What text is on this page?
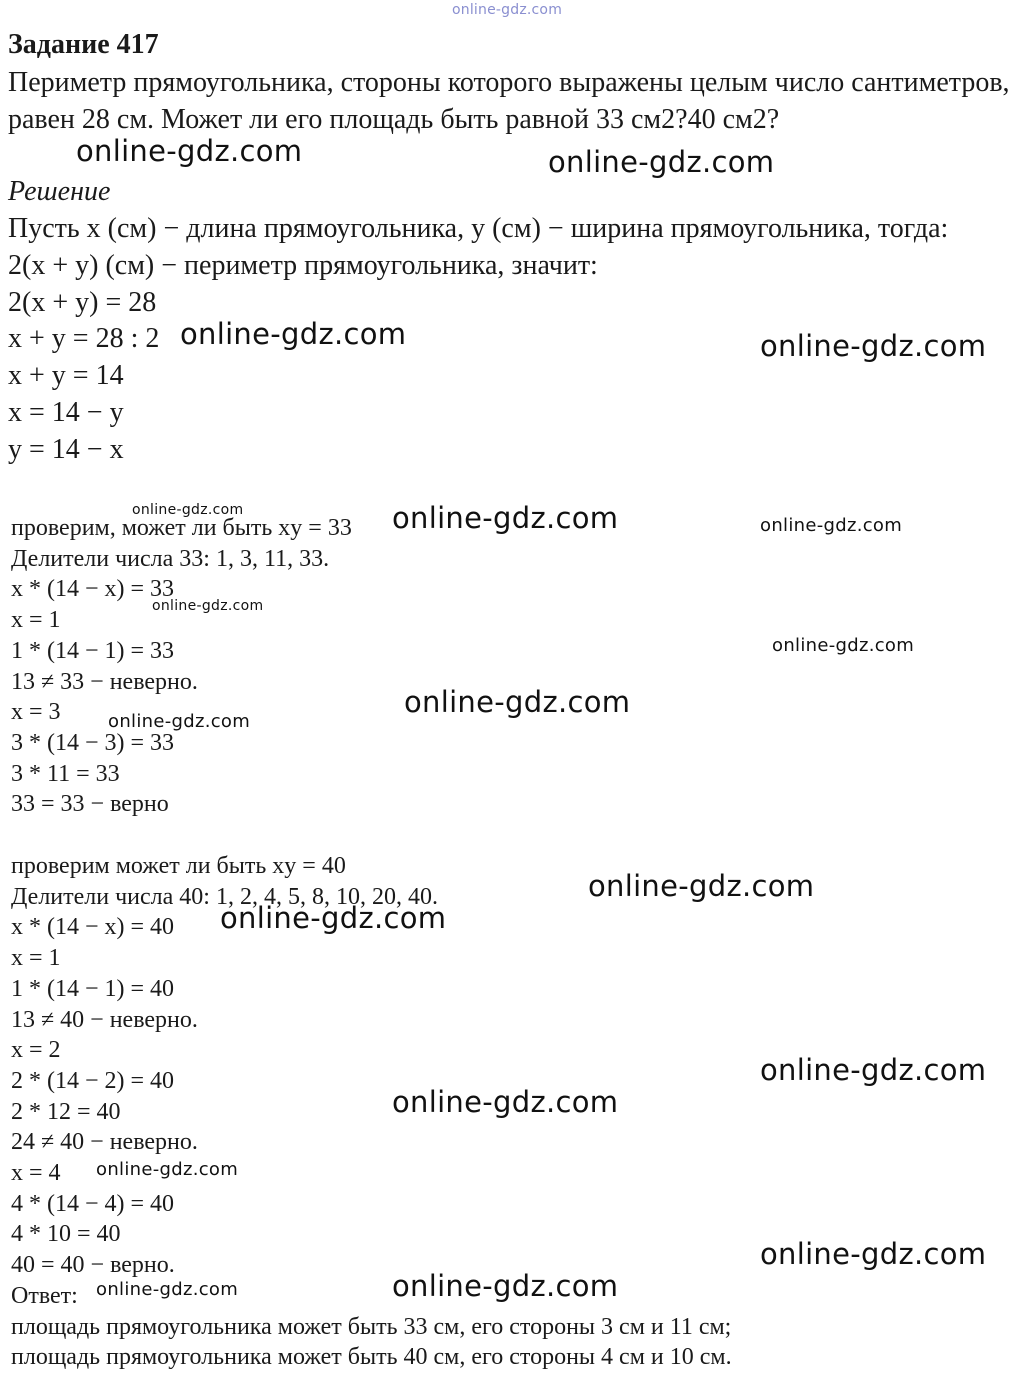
online-gdz.com
Задание 417

Периметр прямоугольника, стороны которого выражены целым число сантиметров, равен 28 см. Может ли его площадь быть равной 33 см2?40 см2?

Решение
Пусть x (см) − длина прямоугольника, y (см) − ширина прямоугольника, тогда:
2(x + y) (см) − периметр прямоугольника, значит:
2(x + y) = 28
x + y = 28 : 2
x + y = 14
x = 14 − y
y = 14 − x
проверим, может ли быть xy = 33
Делители числа 33: 1, 3, 11, 33.
x * (14 − x) = 33
x = 1
1 * (14 − 1) = 33
13 ≠ 33 − неверно.
x = 3
3 * (14 − 3) = 33
3 * 11 = 33
33 = 33 − верно
проверим может ли быть xy = 40
Делители числа 40: 1, 2, 4, 5, 8, 10, 20, 40.
x * (14 − x) = 40
x = 1
1 * (14 − 1) = 40
13 ≠ 40 − неверно.
x = 2
2 * (14 − 2) = 40
2 * 12 = 40
24 ≠ 40 − неверно.
x = 4
4 * (14 − 4) = 40
4 * 10 = 40
40 = 40 − верно.
Ответ:
площадь прямоугольника может быть 33 см, его стороны 3 см и 11 см;
площадь прямоугольника может быть 40 см, его стороны 4 см и 10 см.
online-gdz.com	online-gdz.com
online-gdz.com	online-gdz.com
online-gdz.com	online-gdz.com	online-gdz.com
online-gdz.com
online-gdz.com
online-gdz.com
online-gdz.com
online-gdz.com
online-gdz.com
online-gdz.com
online-gdz.com
online-gdz.com
online-gdz.com
online-gdz.com
online-gdz.com
